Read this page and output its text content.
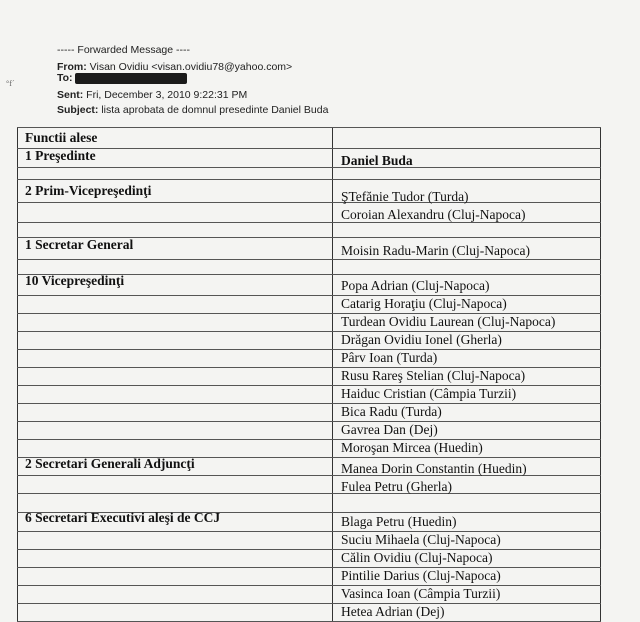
°f´
----- Forwarded Message ----
From: Visan Ovidiu <visan.ovidiu78@yahoo.com>
To:
Sent: Fri, December 3, 2010 9:22:31 PM
Subject: lista aprobata de domnul presedinte Daniel Buda
Functii alese
1 Preşedinte
2 Prim-Vicepreşedinţi
1 Secretar General
10 Vicepreşedinţi
2 Secretari Generali Adjuncţi
6 Secretari Executivi aleşi de CCJ
Daniel Buda
ŞTefănie Tudor (Turda)
Coroian Alexandru (Cluj-Napoca)
Moisin Radu-Marin (Cluj-Napoca)
Popa Adrian (Cluj-Napoca)
Catarig Horaţiu (Cluj-Napoca)
Turdean Ovidiu Laurean (Cluj-Napoca)
Drăgan Ovidiu Ionel (Gherla)
Pârv Ioan (Turda)
Rusu Rareş Stelian (Cluj-Napoca)
Haiduc Cristian (Câmpia Turzii)
Bica Radu (Turda)
Gavrea Dan (Dej)
Moroşan Mircea (Huedin)
Manea Dorin Constantin (Huedin)
Fulea Petru (Gherla)
Blaga Petru (Huedin)
Suciu Mihaela (Cluj-Napoca)
Călin Ovidiu (Cluj-Napoca)
Pintilie Darius (Cluj-Napoca)
Vasinca Ioan (Câmpia Turzii)
Hetea Adrian (Dej)
